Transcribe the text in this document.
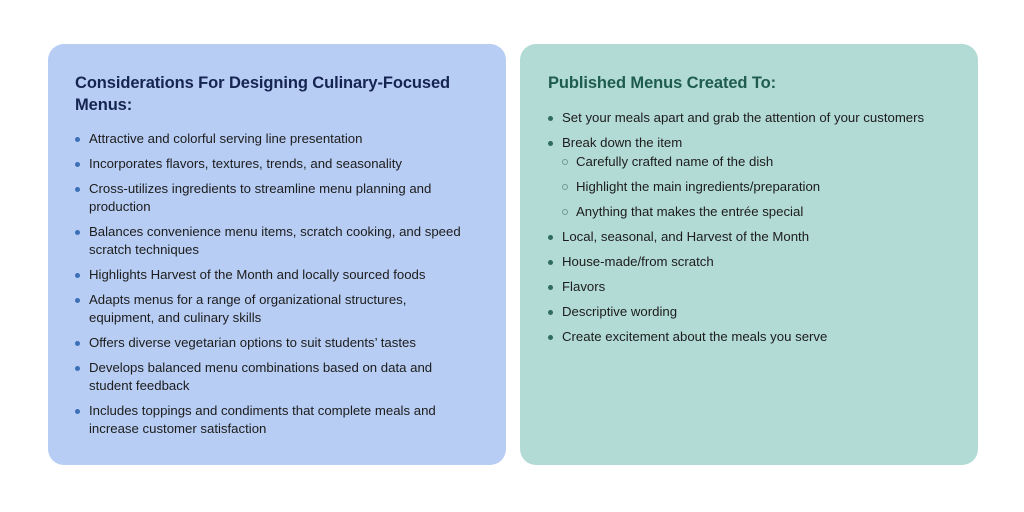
Considerations For Designing Culinary-Focused Menus:
Attractive and colorful serving line presentation
Incorporates flavors, textures, trends, and seasonality
Cross-utilizes ingredients to streamline menu planning and production
Balances convenience menu items, scratch cooking, and speed scratch techniques
Highlights Harvest of the Month and locally sourced foods
Adapts menus for a range of organizational structures, equipment, and culinary skills
Offers diverse vegetarian options to suit students’ tastes
Develops balanced menu combinations based on data and student feedback
Includes toppings and condiments that complete meals and increase customer satisfaction
Published Menus Created To:
Set your meals apart and grab the attention of your customers
Break down the item
Carefully crafted name of the dish
Highlight the main ingredients/preparation
Anything that makes the entrée special
Local, seasonal, and Harvest of the Month
House-made/from scratch
Flavors
Descriptive wording
Create excitement about the meals you serve
